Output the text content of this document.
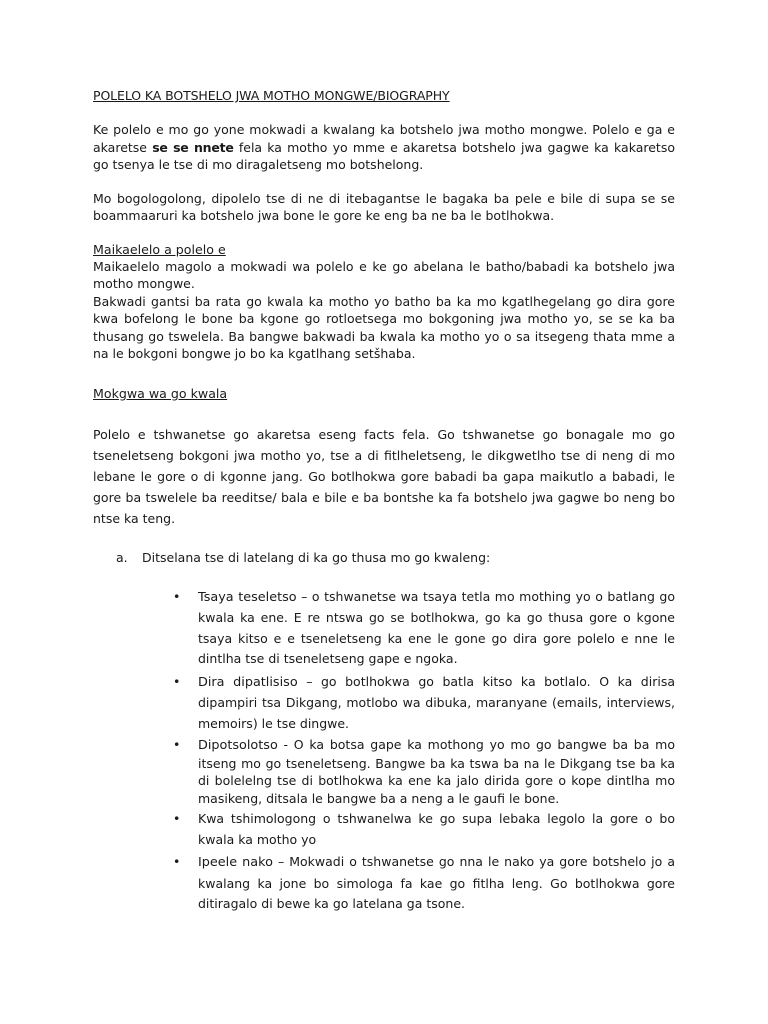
POLELO KA BOTSHELO JWA MOTHO MONGWE/BIOGRAPHY

Ke polelo e mo go yone mokwadi a kwalang ka botshelo jwa motho mongwe. Polelo e ga e akaretse se se nnete fela ka motho yo mme e akaretsa botshelo jwa gagwe ka kakaretso go tsenya le tse di mo diragaletseng mo botshelong.

Mo bogologolong, dipolelo tse di ne di itebagantse le bagaka ba pele e bile di supa se se boammaaruri ka botshelo jwa bone le gore ke eng ba ne ba le botlhokwa.

Maikaelelo a polelo e

Maikaelelo magolo a mokwadi wa polelo e ke go abelana le batho/babadi ka botshelo jwa motho mongwe.

Bakwadi gantsi ba rata go kwala ka motho yo batho ba ka mo kgatlhegelang go dira gore kwa bofelong le bone ba kgone go rotloetsega mo bokgoning jwa motho yo, se se ka ba thusang go tswelela. Ba bangwe bakwadi ba kwala ka motho yo o sa itsegeng thata mme a na le bokgoni bongwe jo bo ka kgatlhang setšhaba.

Mokgwa wa go kwala

Polelo e tshwanetse go akaretsa eseng facts fela. Go tshwanetse go bonagale mo go tseneletseng bokgoni jwa motho yo, tse a di fitlheletseng, le dikgwetlho tse di neng di mo lebane le gore o di kgonne jang. Go botlhokwa gore babadi ba gapa maikutlo a babadi, le gore ba tswelele ba reeditse/ bala e bile e ba bontshe ka fa botshelo jwa gagwe bo neng bo ntse ka teng.

a.	Ditselana tse di latelang di ka go thusa mo go kwaleng:
• Tsaya teseletso – o tshwanetse wa tsaya tetla mo mothing yo o batlang go kwala ka ene. E re ntswa go se botlhokwa, go ka go thusa gore o kgone tsaya kitso e e tseneletseng ka ene le gone go dira gore polelo e nne le dintlha tse di tseneletseng gape e ngoka.
• Dira dipatlisiso – go botlhokwa go batla kitso ka botlalo. O ka dirisa dipampiri tsa Dikgang, motlobo wa dibuka, maranyane (emails, interviews, memoirs) le tse dingwe.
• Dipotsolotso - O ka botsa gape ka mothong yo mo go bangwe ba ba mo itseng mo go tseneletseng. Bangwe ba ka tswa ba na le Dikgang tse ba ka di bolelelng tse di botlhokwa ka ene ka jalo dirida gore o kope dintlha mo masikeng, ditsala le bangwe ba a neng a le gaufi le bone.
• Kwa tshimologong o tshwanelwa ke go supa lebaka legolo la gore o bo kwala ka motho yo
• Ipeele nako – Mokwadi o tshwanetse go nna le nako ya gore botshelo jo a kwalang ka jone bo simologa fa kae go fitlha leng. Go botlhokwa gore ditiragalo di bewe ka go latelana ga tsone.
